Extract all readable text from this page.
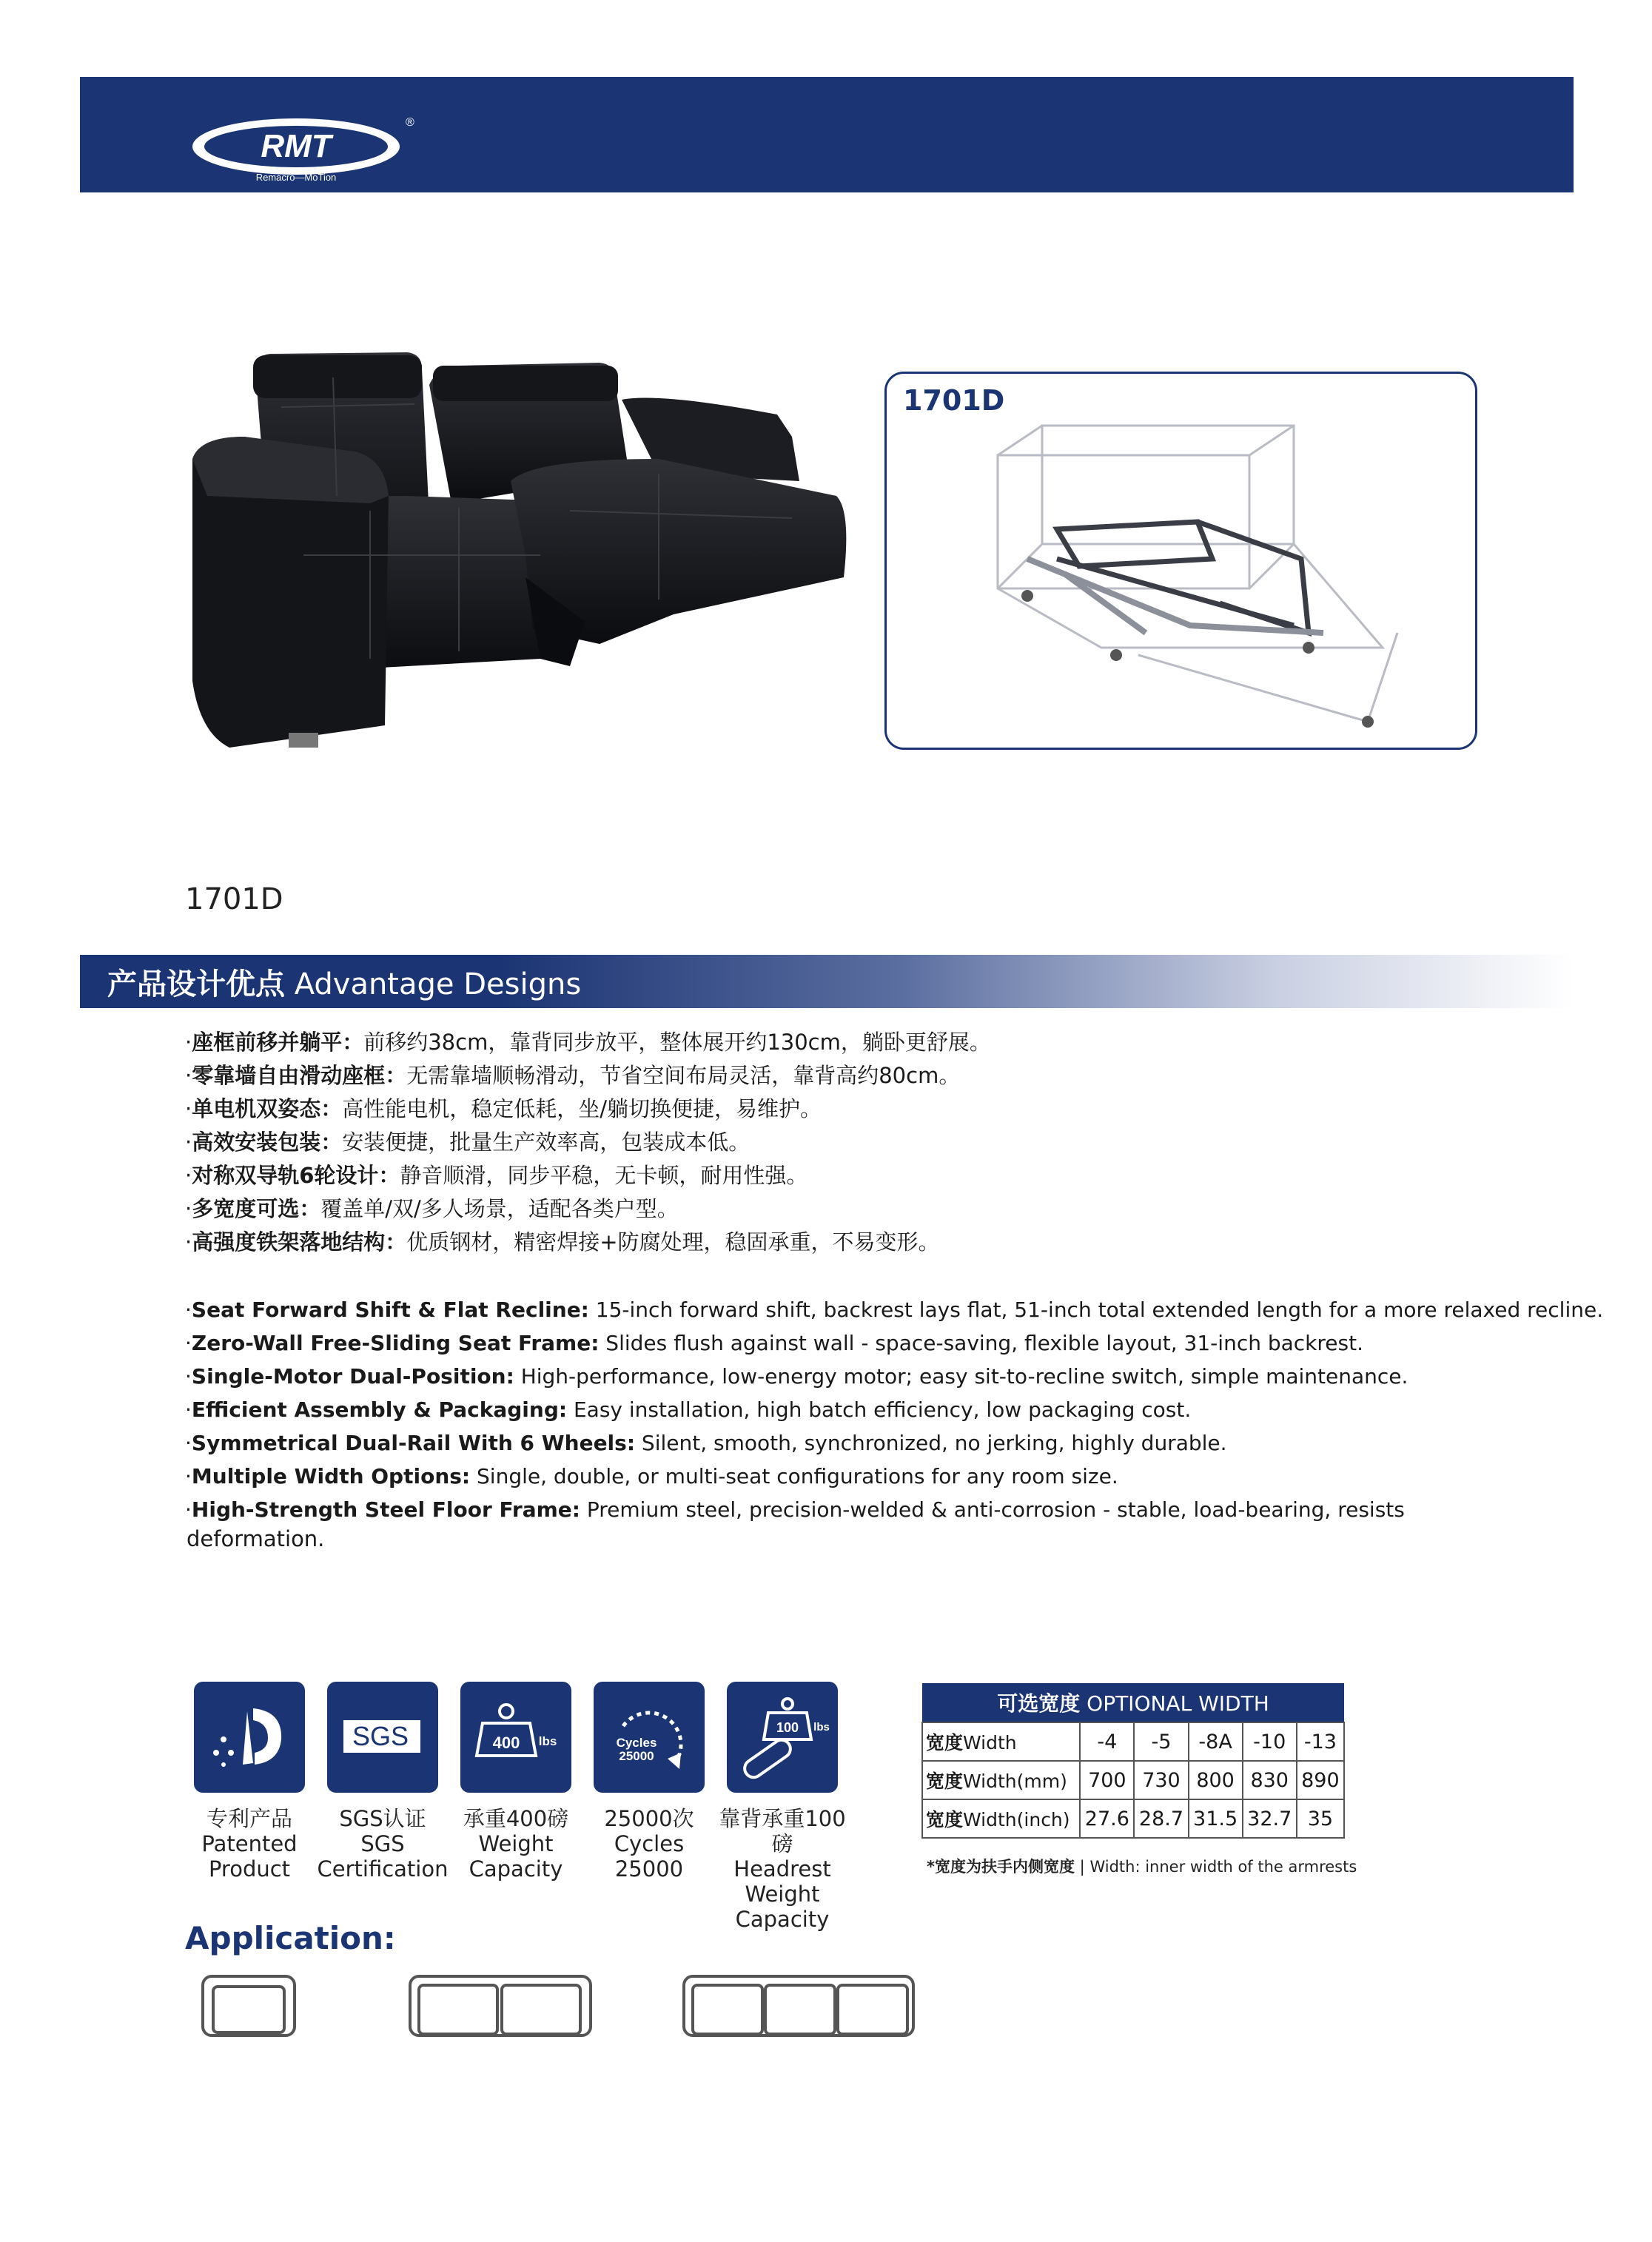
RMT
Remacro—MoTion
®
1701D
1701D
产品设计优点 Advantage Designs
·座框前移并躺平：前移约38cm，靠背同步放平，整体展开约130cm，躺卧更舒展。
·零靠墙自由滑动座框：无需靠墙顺畅滑动，节省空间布局灵活，靠背高约80cm。
·单电机双姿态：高性能电机，稳定低耗，坐/躺切换便捷，易维护。
·高效安装包装：安装便捷，批量生产效率高，包装成本低。
·对称双导轨6轮设计：静音顺滑，同步平稳，无卡顿，耐用性强。
·多宽度可选：覆盖单/双/多人场景，适配各类户型。
·高强度铁架落地结构：优质钢材，精密焊接+防腐处理，稳固承重，不易变形。
·Seat Forward Shift & Flat Recline: 15-inch forward shift, backrest lays flat, 51-inch total extended length for a more relaxed recline.
·Zero-Wall Free-Sliding Seat Frame: Slides flush against wall - space-saving, flexible layout, 31-inch backrest.
·Single-Motor Dual-Position: High-performance, low-energy motor; easy sit-to-recline switch, simple maintenance.
·Efficient Assembly & Packaging: Easy installation, high batch efficiency, low packaging cost.
·Symmetrical Dual-Rail With 6 Wheels: Silent, smooth, synchronized, no jerking, highly durable.
·Multiple Width Options: Single, double, or multi-seat configurations for any room size.
·High-Strength Steel Floor Frame: Premium steel, precision-welded & anti-corrosion - stable, load-bearing, resists
deformation.
专利产品
Patented
Product
SGS
SGS认证
SGS
Certification
400 lbs
承重400磅
Weight
Capacity
Cycles
25000
25000次
Cycles
25000
100 lbs
靠背承重100磅
Headrest
Weight Capacity
可选宽度 OPTIONAL WIDTH					
宽度Width	-4	-5	-8A	-10	-13
宽度Width(mm)	700	730	800	830	890
宽度Width(inch)	27.6	28.7	31.5	32.7	35
*宽度为扶手内侧宽度 | Width: inner width of the armrests
Application:
